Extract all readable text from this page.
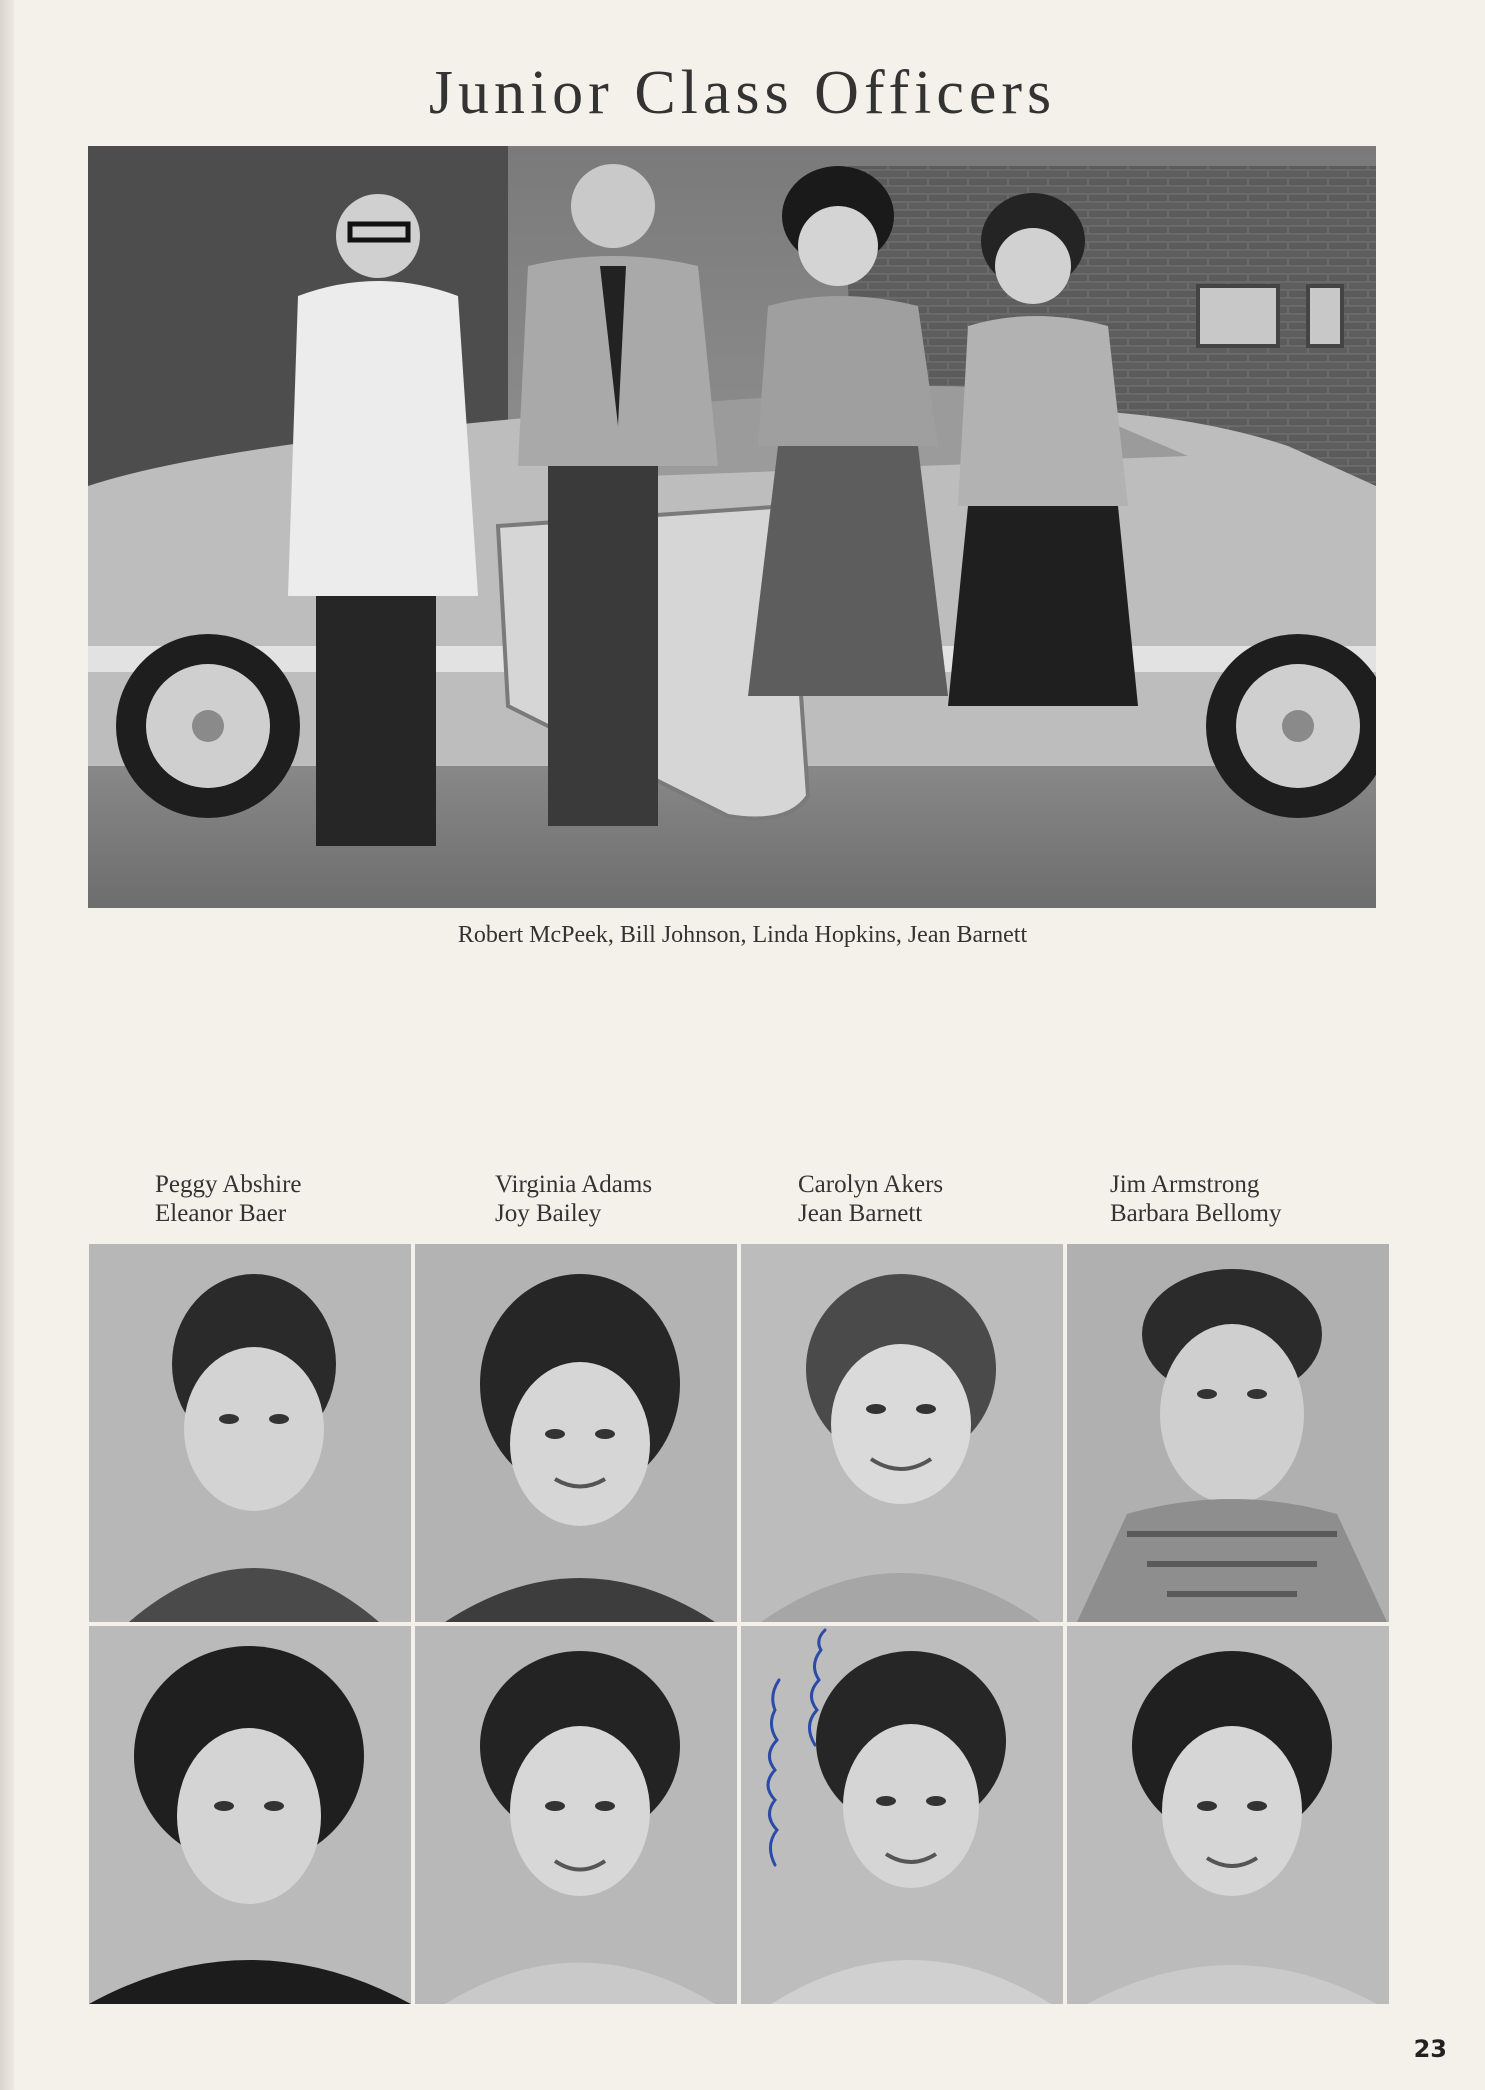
Junior Class Officers
Robert McPeek, Bill Johnson, Linda Hopkins, Jean Barnett
Peggy Abshire
Eleanor Baer
Virginia Adams
Joy Bailey
Carolyn Akers
Jean Barnett
Jim Armstrong
Barbara Bellomy
23
